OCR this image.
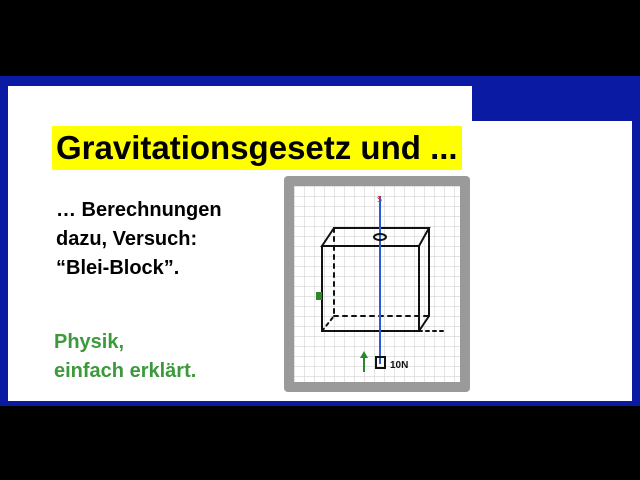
Gravitationsgesetz und ...
… Berechnungen
dazu, Versuch:
“Blei-Block”.
Physik,
einfach erklärt.
S
10N
